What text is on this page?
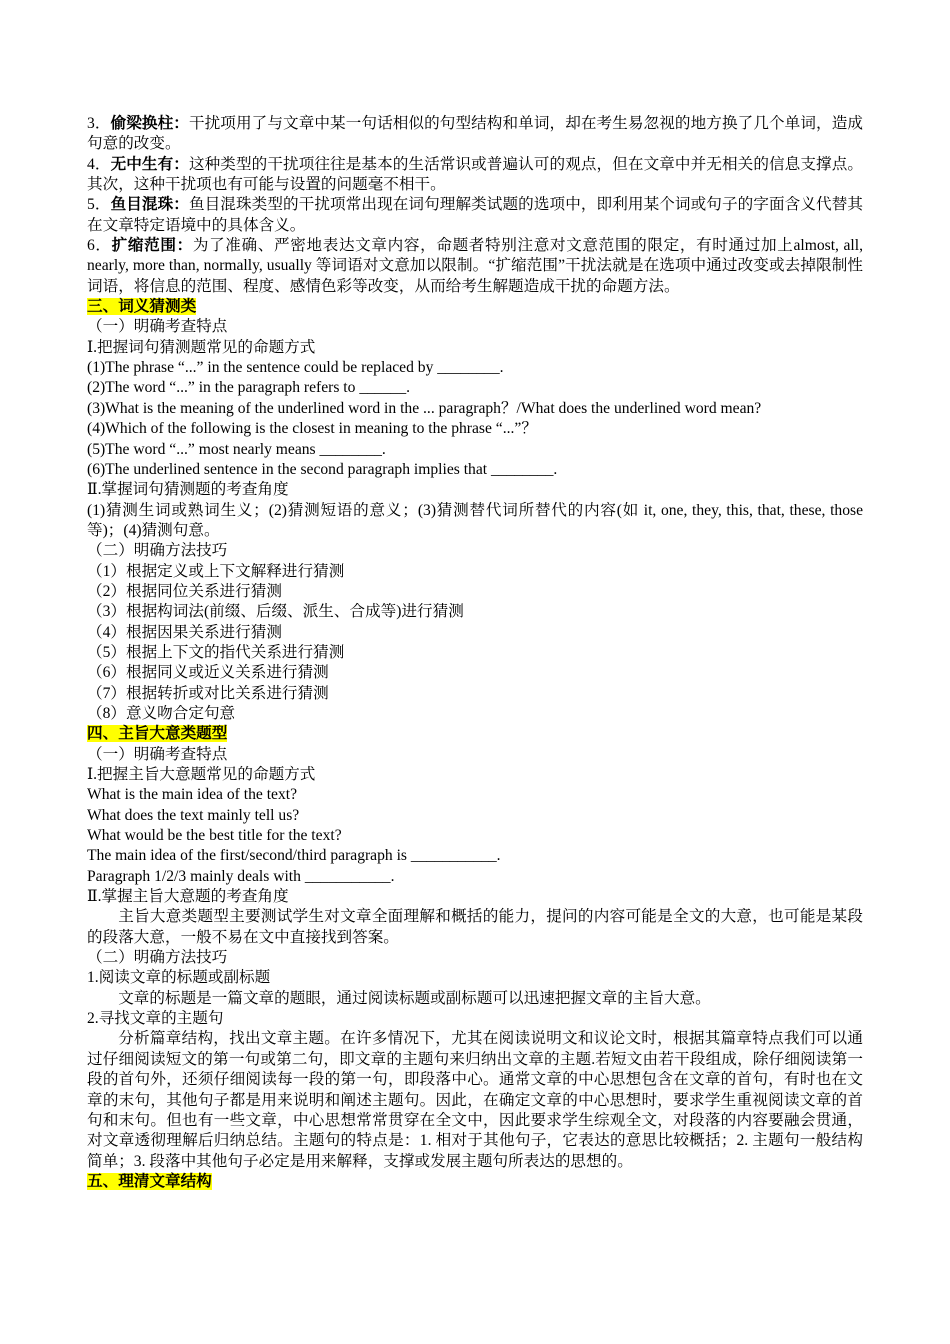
3．偷梁换柱：干扰项用了与文章中某一句话相似的句型结构和单词，却在考生易忽视的地方换了几个单词，造成句意的改变。

4．无中生有：这种类型的干扰项往往是基本的生活常识或普遍认可的观点，但在文章中并无相关的信息支撑点。其次，这种干扰项也有可能与设置的问题毫不相干。

5．鱼目混珠：鱼目混珠类型的干扰项常出现在词句理解类试题的选项中，即利用某个词或句子的字面含义代替其在文章特定语境中的具体含义。

6．扩缩范围：为了准确、严密地表达文章内容，命题者特别注意对文意范围的限定，有时通过加上almost, all, nearly, more than, normally, usually 等词语对文意加以限制。“扩缩范围”干扰法就是在选项中通过改变或去掉限制性词语，将信息的范围、程度、感情色彩等改变，从而给考生解题造成干扰的命题方法。

三、词义猜测类

（一）明确考查特点

Ⅰ.把握词句猜测题常见的命题方式

(1)The phrase “...” in the sentence could be replaced by ________.

(2)The word “...” in the paragraph refers to ______.

(3)What is the meaning of the underlined word in the ... paragraph？/What does the underlined word mean?

(4)Which of the following is the closest in meaning to the phrase “...”？

(5)The word “...” most nearly means ________.

(6)The underlined sentence in the second paragraph implies that ________.

Ⅱ.掌握词句猜测题的考查角度

(1)猜测生词或熟词生义；(2)猜测短语的意义；(3)猜测替代词所替代的内容(如 it, one, they, this, that, these, those 等)；(4)猜测句意。

（二）明确方法技巧

（1）根据定义或上下文解释进行猜测

（2）根据同位关系进行猜测

（3）根据构词法(前缀、后缀、派生、合成等)进行猜测

（4）根据因果关系进行猜测

（5）根据上下文的指代关系进行猜测

（6）根据同义或近义关系进行猜测

（7）根据转折或对比关系进行猜测

（8）意义吻合定句意

四、主旨大意类题型

（一）明确考查特点

Ⅰ.把握主旨大意题常见的命题方式

What is the main idea of the text?

What does the text mainly tell us?

What would be the best title for the text?

The main idea of the first/second/third paragraph is ___________.

Paragraph 1/2/3 mainly deals with ___________.

Ⅱ.掌握主旨大意题的考查角度

主旨大意类题型主要测试学生对文章全面理解和概括的能力，提问的内容可能是全文的大意，也可能是某段的段落大意，一般不易在文中直接找到答案。

（二）明确方法技巧

1.阅读文章的标题或副标题

文章的标题是一篇文章的题眼，通过阅读标题或副标题可以迅速把握文章的主旨大意。

2.寻找文章的主题句

分析篇章结构，找出文章主题。在许多情况下，尤其在阅读说明文和议论文时，根据其篇章特点我们可以通过仔细阅读短文的第一句或第二句，即文章的主题句来归纳出文章的主题.若短文由若干段组成，除仔细阅读第一段的首句外，还须仔细阅读每一段的第一句，即段落中心。通常文章的中心思想包含在文章的首句，有时也在文章的末句，其他句子都是用来说明和阐述主题句。因此，在确定文章的中心思想时，要求学生重视阅读文章的首句和末句。但也有一些文章，中心思想常常贯穿在全文中，因此要求学生综观全文，对段落的内容要融会贯通，对文章透彻理解后归纳总结。主题句的特点是：1. 相对于其他句子，它表达的意思比较概括；2. 主题句一般结构简单；3. 段落中其他句子必定是用来解释，支撑或发展主题句所表达的思想的。

五、理清文章结构
